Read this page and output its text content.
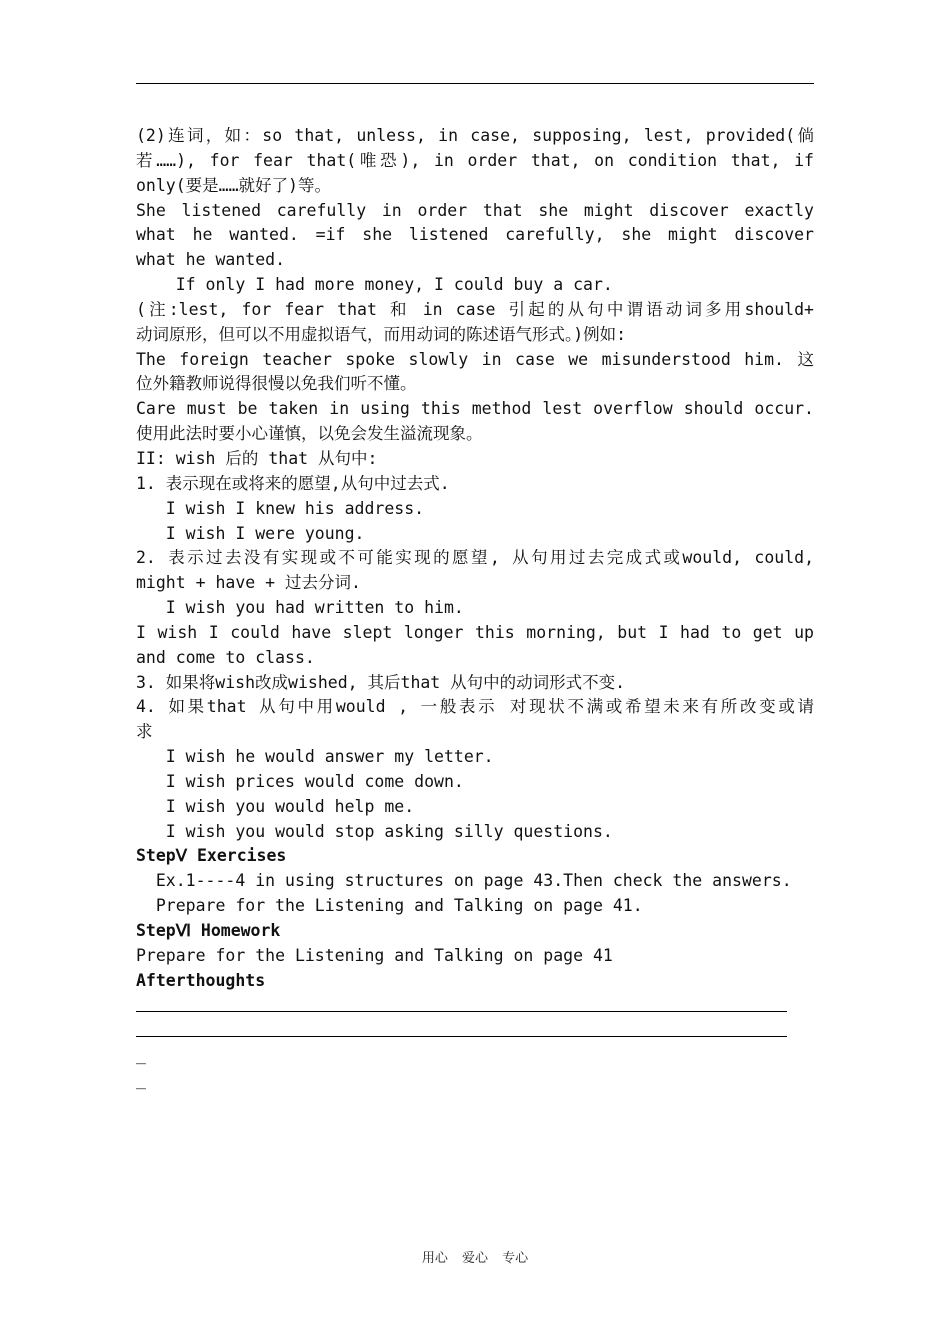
(2)连词，如：so that, unless, in case, supposing, lest, provided(倘
若……), for fear that(唯恐), in order that, on condition that, if
only(要是……就好了)等。
She listened carefully in order that she might discover exactly
what he wanted. =if she listened carefully, she might discover
what he wanted.
If only I had more money, I could buy a car.
(注:lest, for fear that 和 in case 引起的从句中谓语动词多用should+
动词原形，但可以不用虚拟语气，而用动词的陈述语气形式。)例如:
The foreign teacher spoke slowly in case we misunderstood him. 这
位外籍教师说得很慢以免我们听不懂。
Care must be taken in using this method lest overflow should occur.
使用此法时要小心谨慎，以免会发生溢流现象。
II: wish 后的 that 从句中:
1. 表示现在或将来的愿望,从句中过去式.
I wish I knew his address.
I wish I were young.
2. 表示过去没有实现或不可能实现的愿望, 从句用过去完成式或would, could,
might + have + 过去分词.
I wish you had written to him.
I wish I could have slept longer this morning, but I had to get up
and come to class.
3. 如果将wish改成wished, 其后that 从句中的动词形式不变.
4. 如果that 从句中用would , 一般表示 对现状不满或希望未来有所改变或请
求
I wish he would answer my letter.
I wish prices would come down.
I wish you would help me.
I wish you would stop asking silly questions.
StepⅤ Exercises
Ex.1----4 in using structures on page 43.Then check the answers.
Prepare for the Listening and Talking on page 41.
StepⅥ Homework
Prepare for the Listening and Talking on page 41
Afterthoughts
_
_
用心 爱心 专心
